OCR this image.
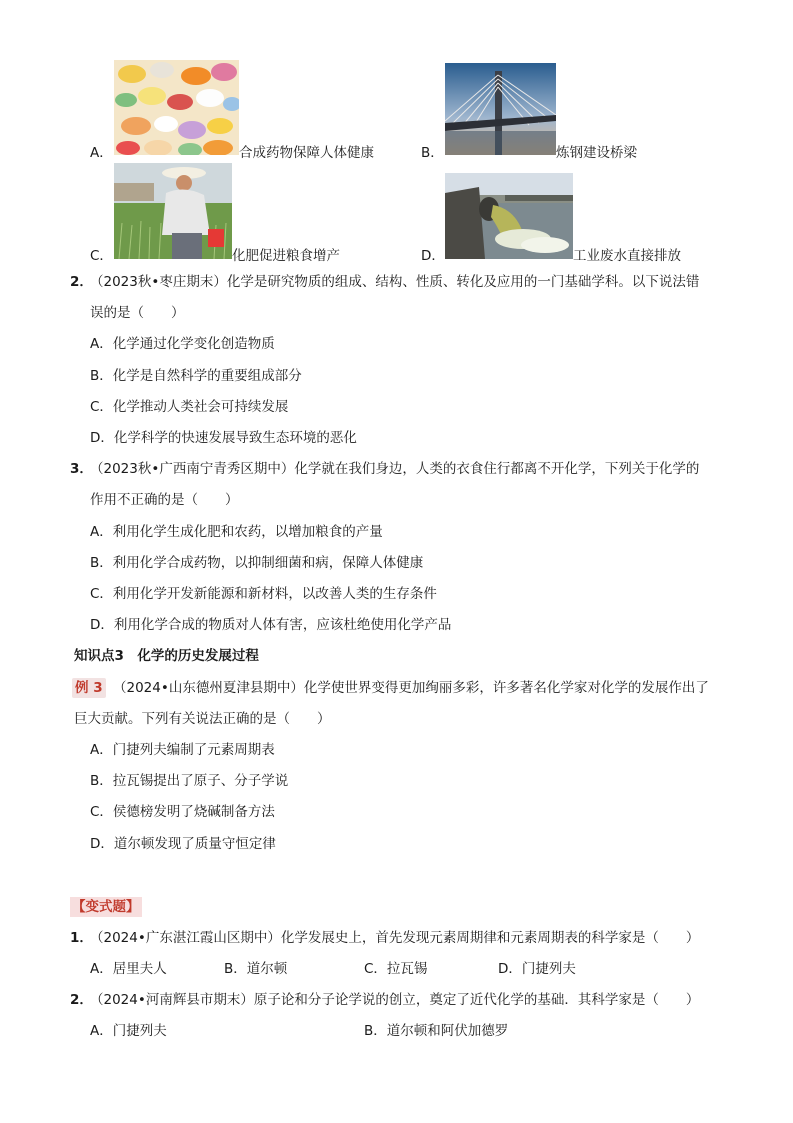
A．	合成药物保障人体健康	B．	炼钢建设桥梁
C．	化肥促进粮食增产	D．	工业废水直接排放
2．
（2023秋•枣庄期末）化学是研究物质的组成、结构、性质、转化及应用的一门基础学科。以下说法错
误的是（　　）
A．化学通过化学变化创造物质
B．化学是自然科学的重要组成部分
C．化学推动人类社会可持续发展
D．化学科学的快速发展导致生态环境的恶化
3．
（2023秋•广西南宁青秀区期中）化学就在我们身边，人类的衣食住行都离不开化学，下列关于化学的
作用不正确的是（　　）
A．利用化学生成化肥和农药，以增加粮食的产量
B．利用化学合成药物，以抑制细菌和病，保障人体健康
C．利用化学开发新能源和新材料，以改善人类的生存条件
D．利用化学合成的物质对人体有害，应该杜绝使用化学产品
知识点3　化学的历史发展过程
例 3 （2024•山东德州夏津县期中）化学使世界变得更加绚丽多彩，许多著名化学家对化学的发展作出了
巨大贡献。下列有关说法正确的是（　　）
A．门捷列夫编制了元素周期表
B．拉瓦锡提出了原子、分子学说
C．侯德榜发明了烧碱制备方法
D．道尔顿发现了质量守恒定律
【变式题】
1．
（2024•广东湛江霞山区期中）化学发展史上，首先发现元素周期律和元素周期表的科学家是（　　）
A．居里夫人	B．道尔顿	C．拉瓦锡	D．门捷列夫
2．
（2024•河南辉县市期末）原子论和分子论学说的创立，奠定了近代化学的基础．其科学家是（　　）
A．门捷列夫	B．道尔顿和阿伏加德罗
